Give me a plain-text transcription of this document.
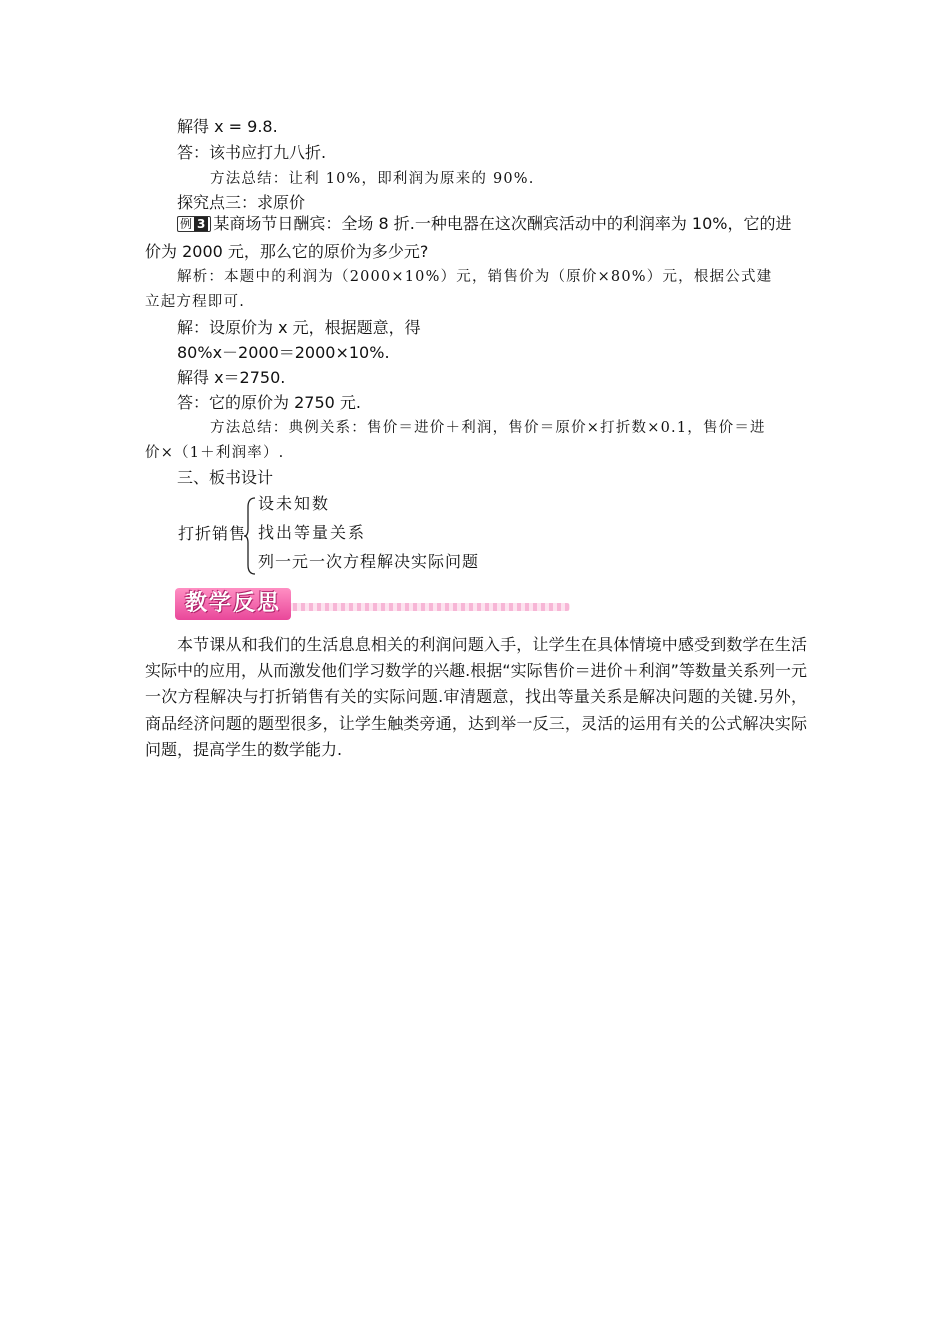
解得 x = 9.8.
答：该书应打九八折.
方法总结：让利 10%，即利润为原来的 90%.
探究点三：求原价
例 3 某商场节日酬宾：全场 8 折.一种电器在这次酬宾活动中的利润率为 10%，它的进
价为 2000 元，那么它的原价为多少元?
解析：本题中的利润为（2000×10%）元，销售价为（原价×80%）元，根据公式建
立起方程即可.
解：设原价为 x 元，根据题意，得
80%x－2000＝2000×10%.
解得 x＝2750.
答：它的原价为 2750 元.
方法总结：典例关系：售价＝进价＋利润，售价＝原价×打折数×0.1，售价＝进
价×（1＋利润率）.
三、板书设计
打折销售
设未知数
找出等量关系
列一元一次方程解决实际问题
教学反思
本节课从和我们的生活息息相关的利润问题入手，让学生在具体情境中感受到数学在生活实际中的应用，从而激发他们学习数学的兴趣.根据“实际售价＝进价＋利润”等数量关系列一元一次方程解决与打折销售有关的实际问题.审清题意，找出等量关系是解决问题的关键.另外，商品经济问题的题型很多，让学生触类旁通，达到举一反三，灵活的运用有关的公式解决实际问题，提高学生的数学能力.
